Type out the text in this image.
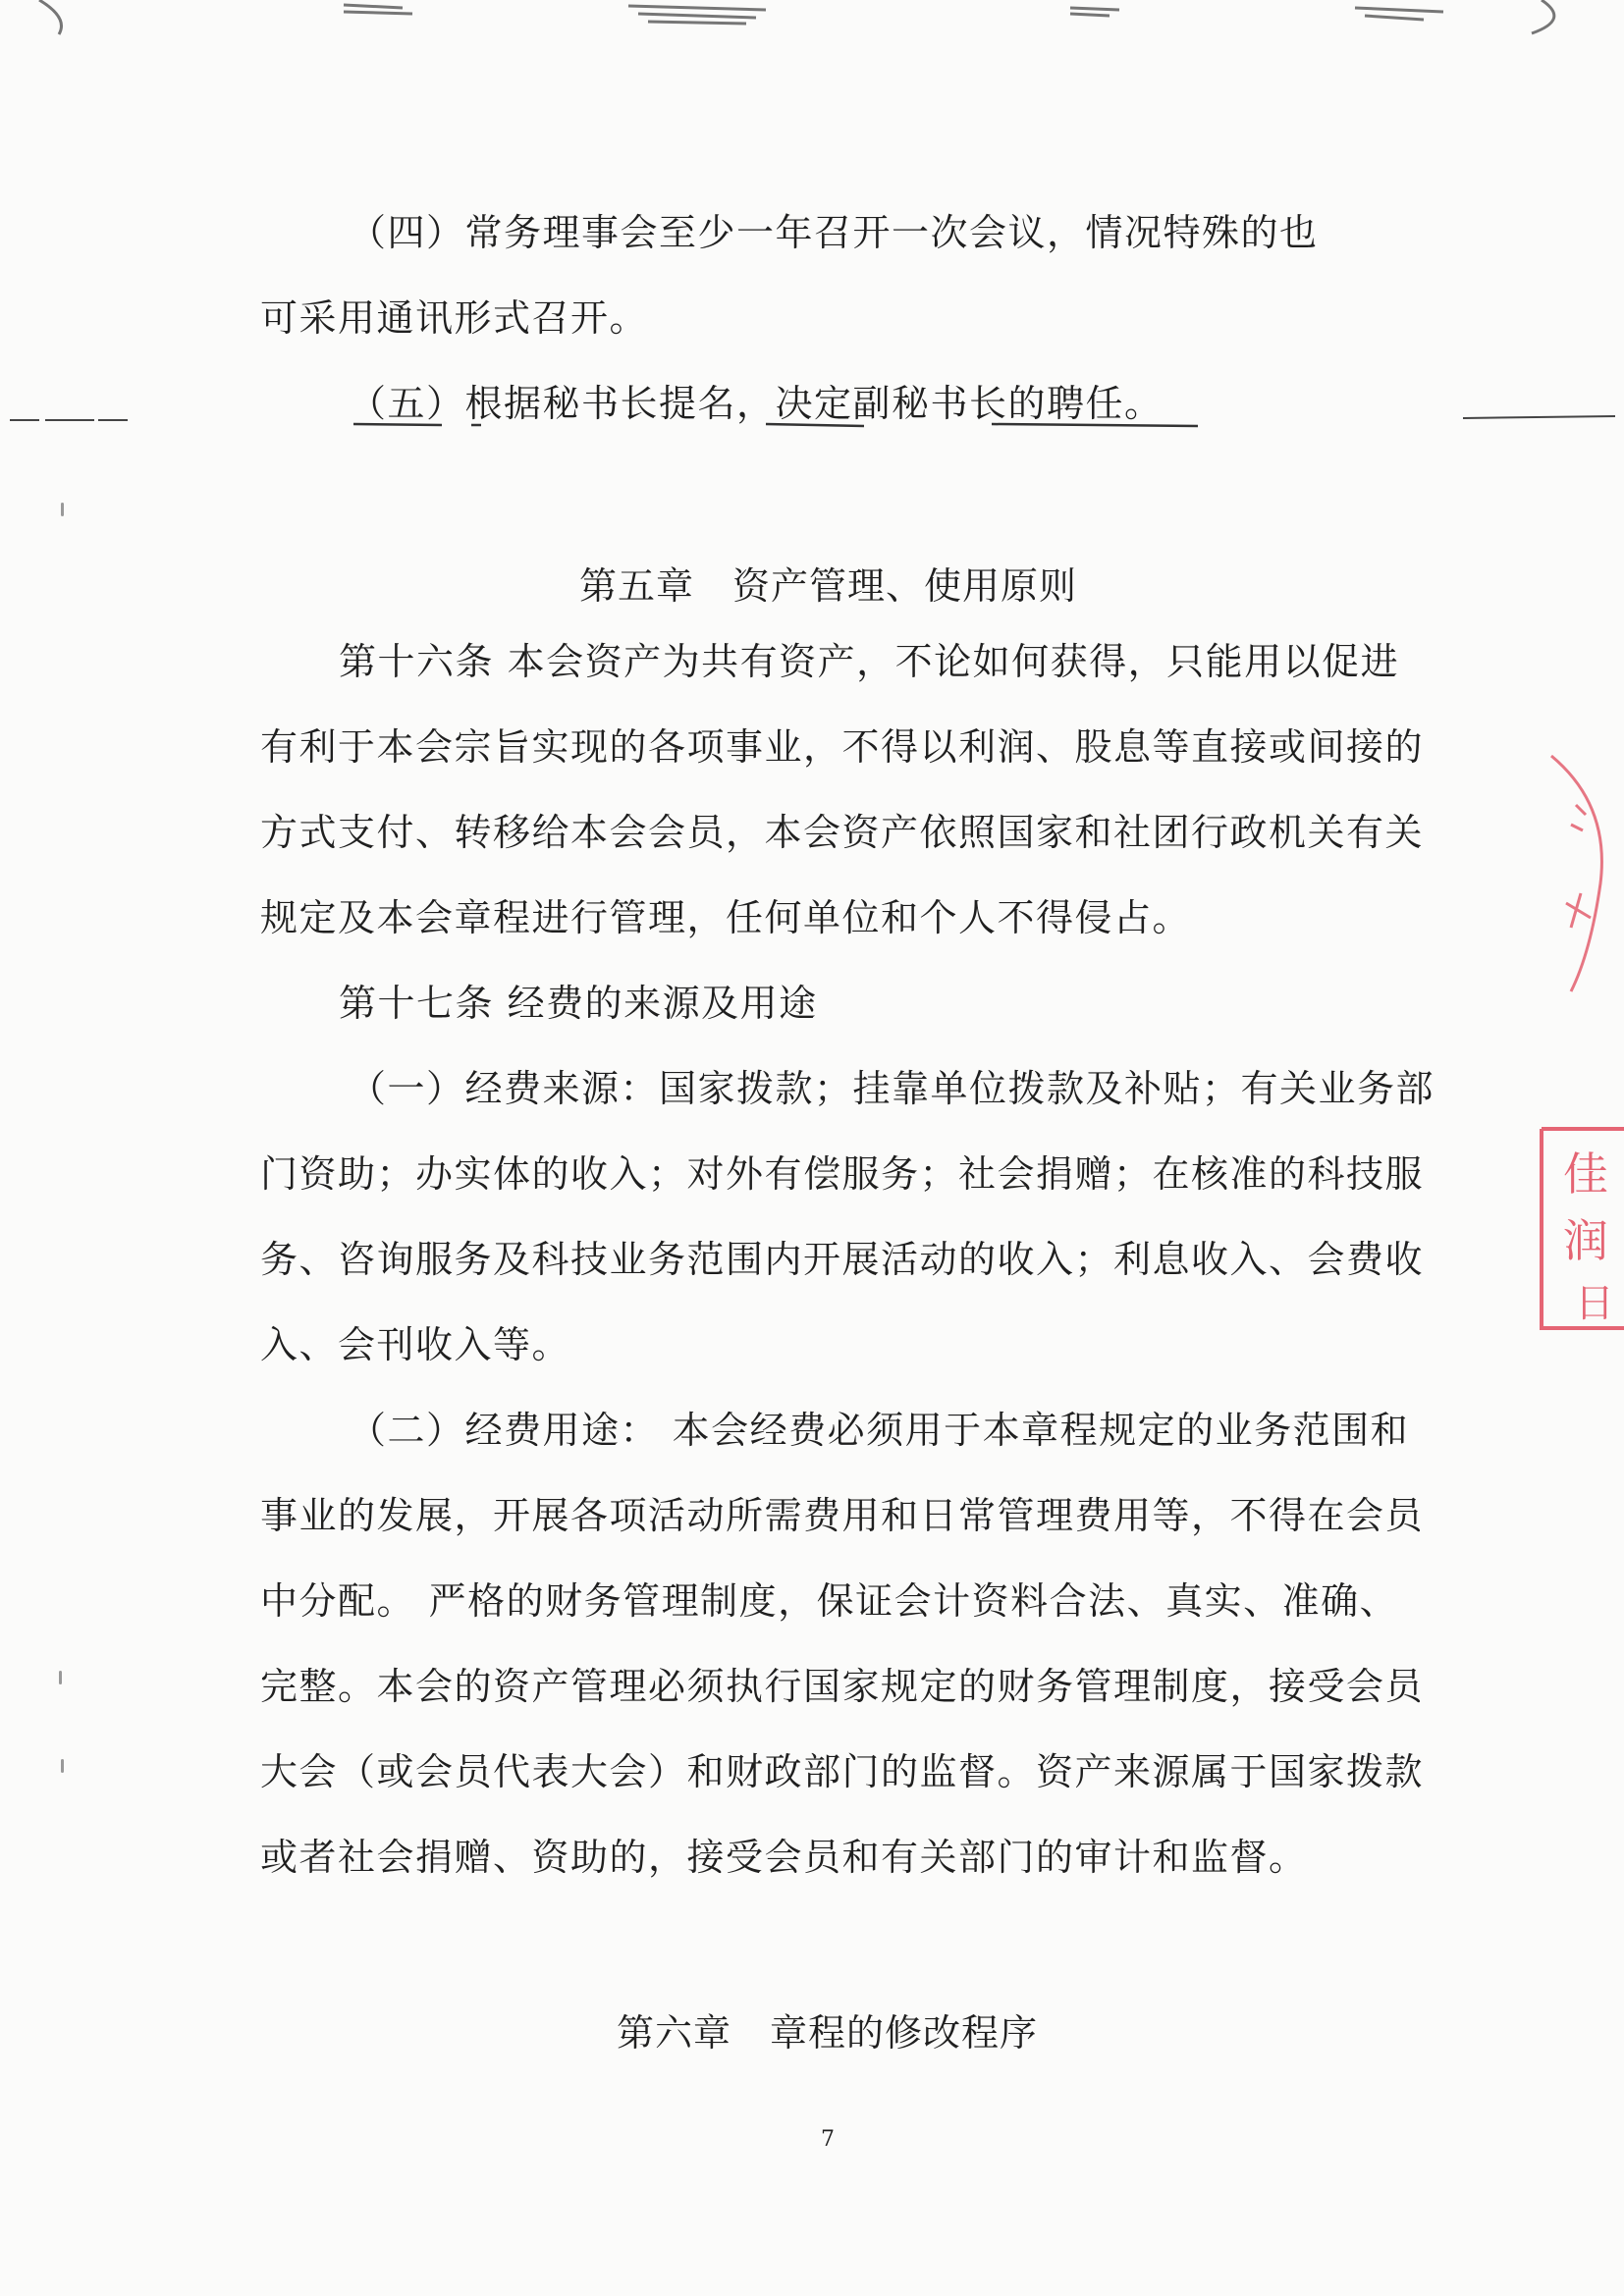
（四）常务理事会至少一年召开一次会议，情况特殊的也
可采用通讯形式召开。
（五）根据秘书长提名，决定副秘书长的聘任。
第五章　资产管理、使用原则
第十六条 本会资产为共有资产，不论如何获得，只能用以促进
有利于本会宗旨实现的各项事业，不得以利润、股息等直接或间接的
方式支付、转移给本会会员，本会资产依照国家和社团行政机关有关
规定及本会章程进行管理，任何单位和个人不得侵占。
第十七条 经费的来源及用途
（一）经费来源：国家拨款；挂靠单位拨款及补贴；有关业务部
门资助；办实体的收入；对外有偿服务；社会捐赠；在核准的科技服
务、咨询服务及科技业务范围内开展活动的收入；利息收入、会费收
入、会刊收入等。
（二）经费用途： 本会经费必须用于本章程规定的业务范围和
事业的发展，开展各项活动所需费用和日常管理费用等，不得在会员
中分配。 严格的财务管理制度，保证会计资料合法、真实、准确、
完整。本会的资产管理必须执行国家规定的财务管理制度，接受会员
大会（或会员代表大会）和财政部门的监督。资产来源属于国家拨款
或者社会捐赠、资助的，接受会员和有关部门的审计和监督。
第六章　章程的修改程序
7
佳
润
日
